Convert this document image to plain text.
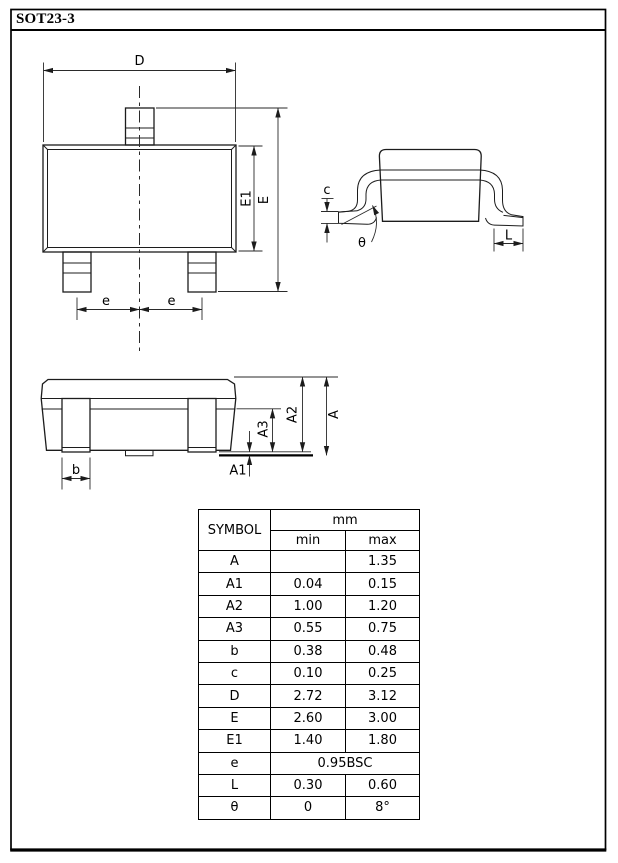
D
E1 E
e	e
c
θ	L
b
A3
A2 A
A1
SOT23-3
SYMBOL	mm	
	min	max
A		1.35
A1	0.04	0.15
A2	1.00	1.20
A3	0.55	0.75
b	0.38	0.48
c	0.10	0.25
D	2.72	3.12
E	2.60	3.00
E1	1.40	1.80
e	0.95BSC	
L	0.30	0.60
θ	0	8°
